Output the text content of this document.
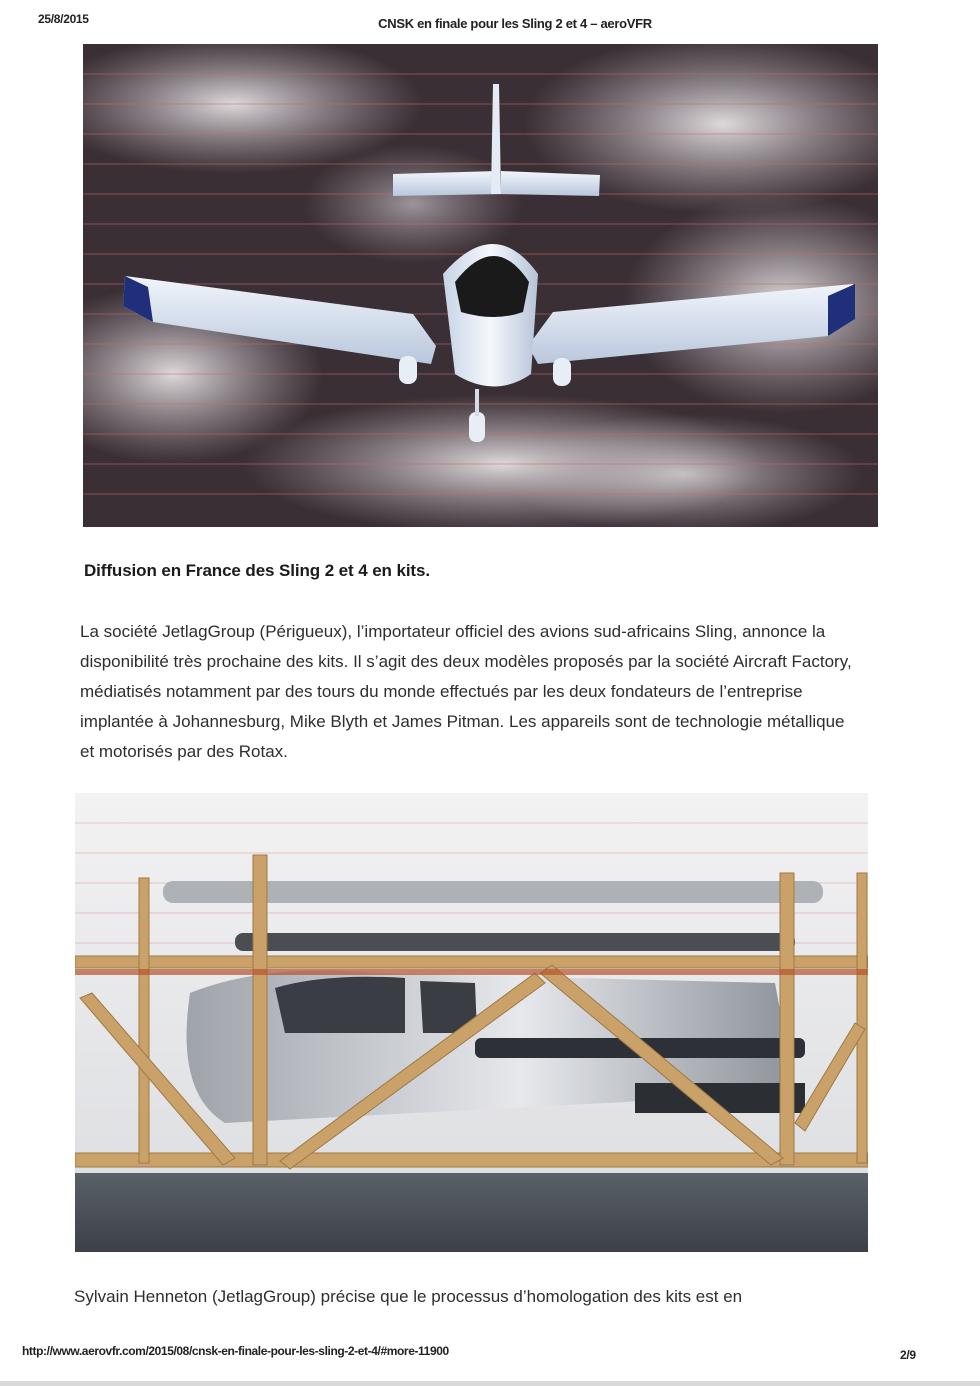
25/8/2015	CNSK en finale pour les Sling 2 et 4 – aeroVFR
Diffusion en France des Sling 2 et 4 en kits.

La société JetlagGroup (Périgueux), l’importateur officiel des avions sud-africains Sling, annonce la disponibilité très prochaine des kits. Il s’agit des deux modèles proposés par la société Aircraft Factory, médiatisés notamment par des tours du monde effectués par les deux fondateurs de l’entreprise implantée à Johannesburg, Mike Blyth et James Pitman. Les appareils sont de technologie métallique et motorisés par des Rotax.

Sylvain Henneton (JetlagGroup) précise que le processus d’homologation des kits est en

http://www.aerovfr.com/2015/08/cnsk-en-finale-pour-les-sling-2-et-4/#more-11900	2/9
